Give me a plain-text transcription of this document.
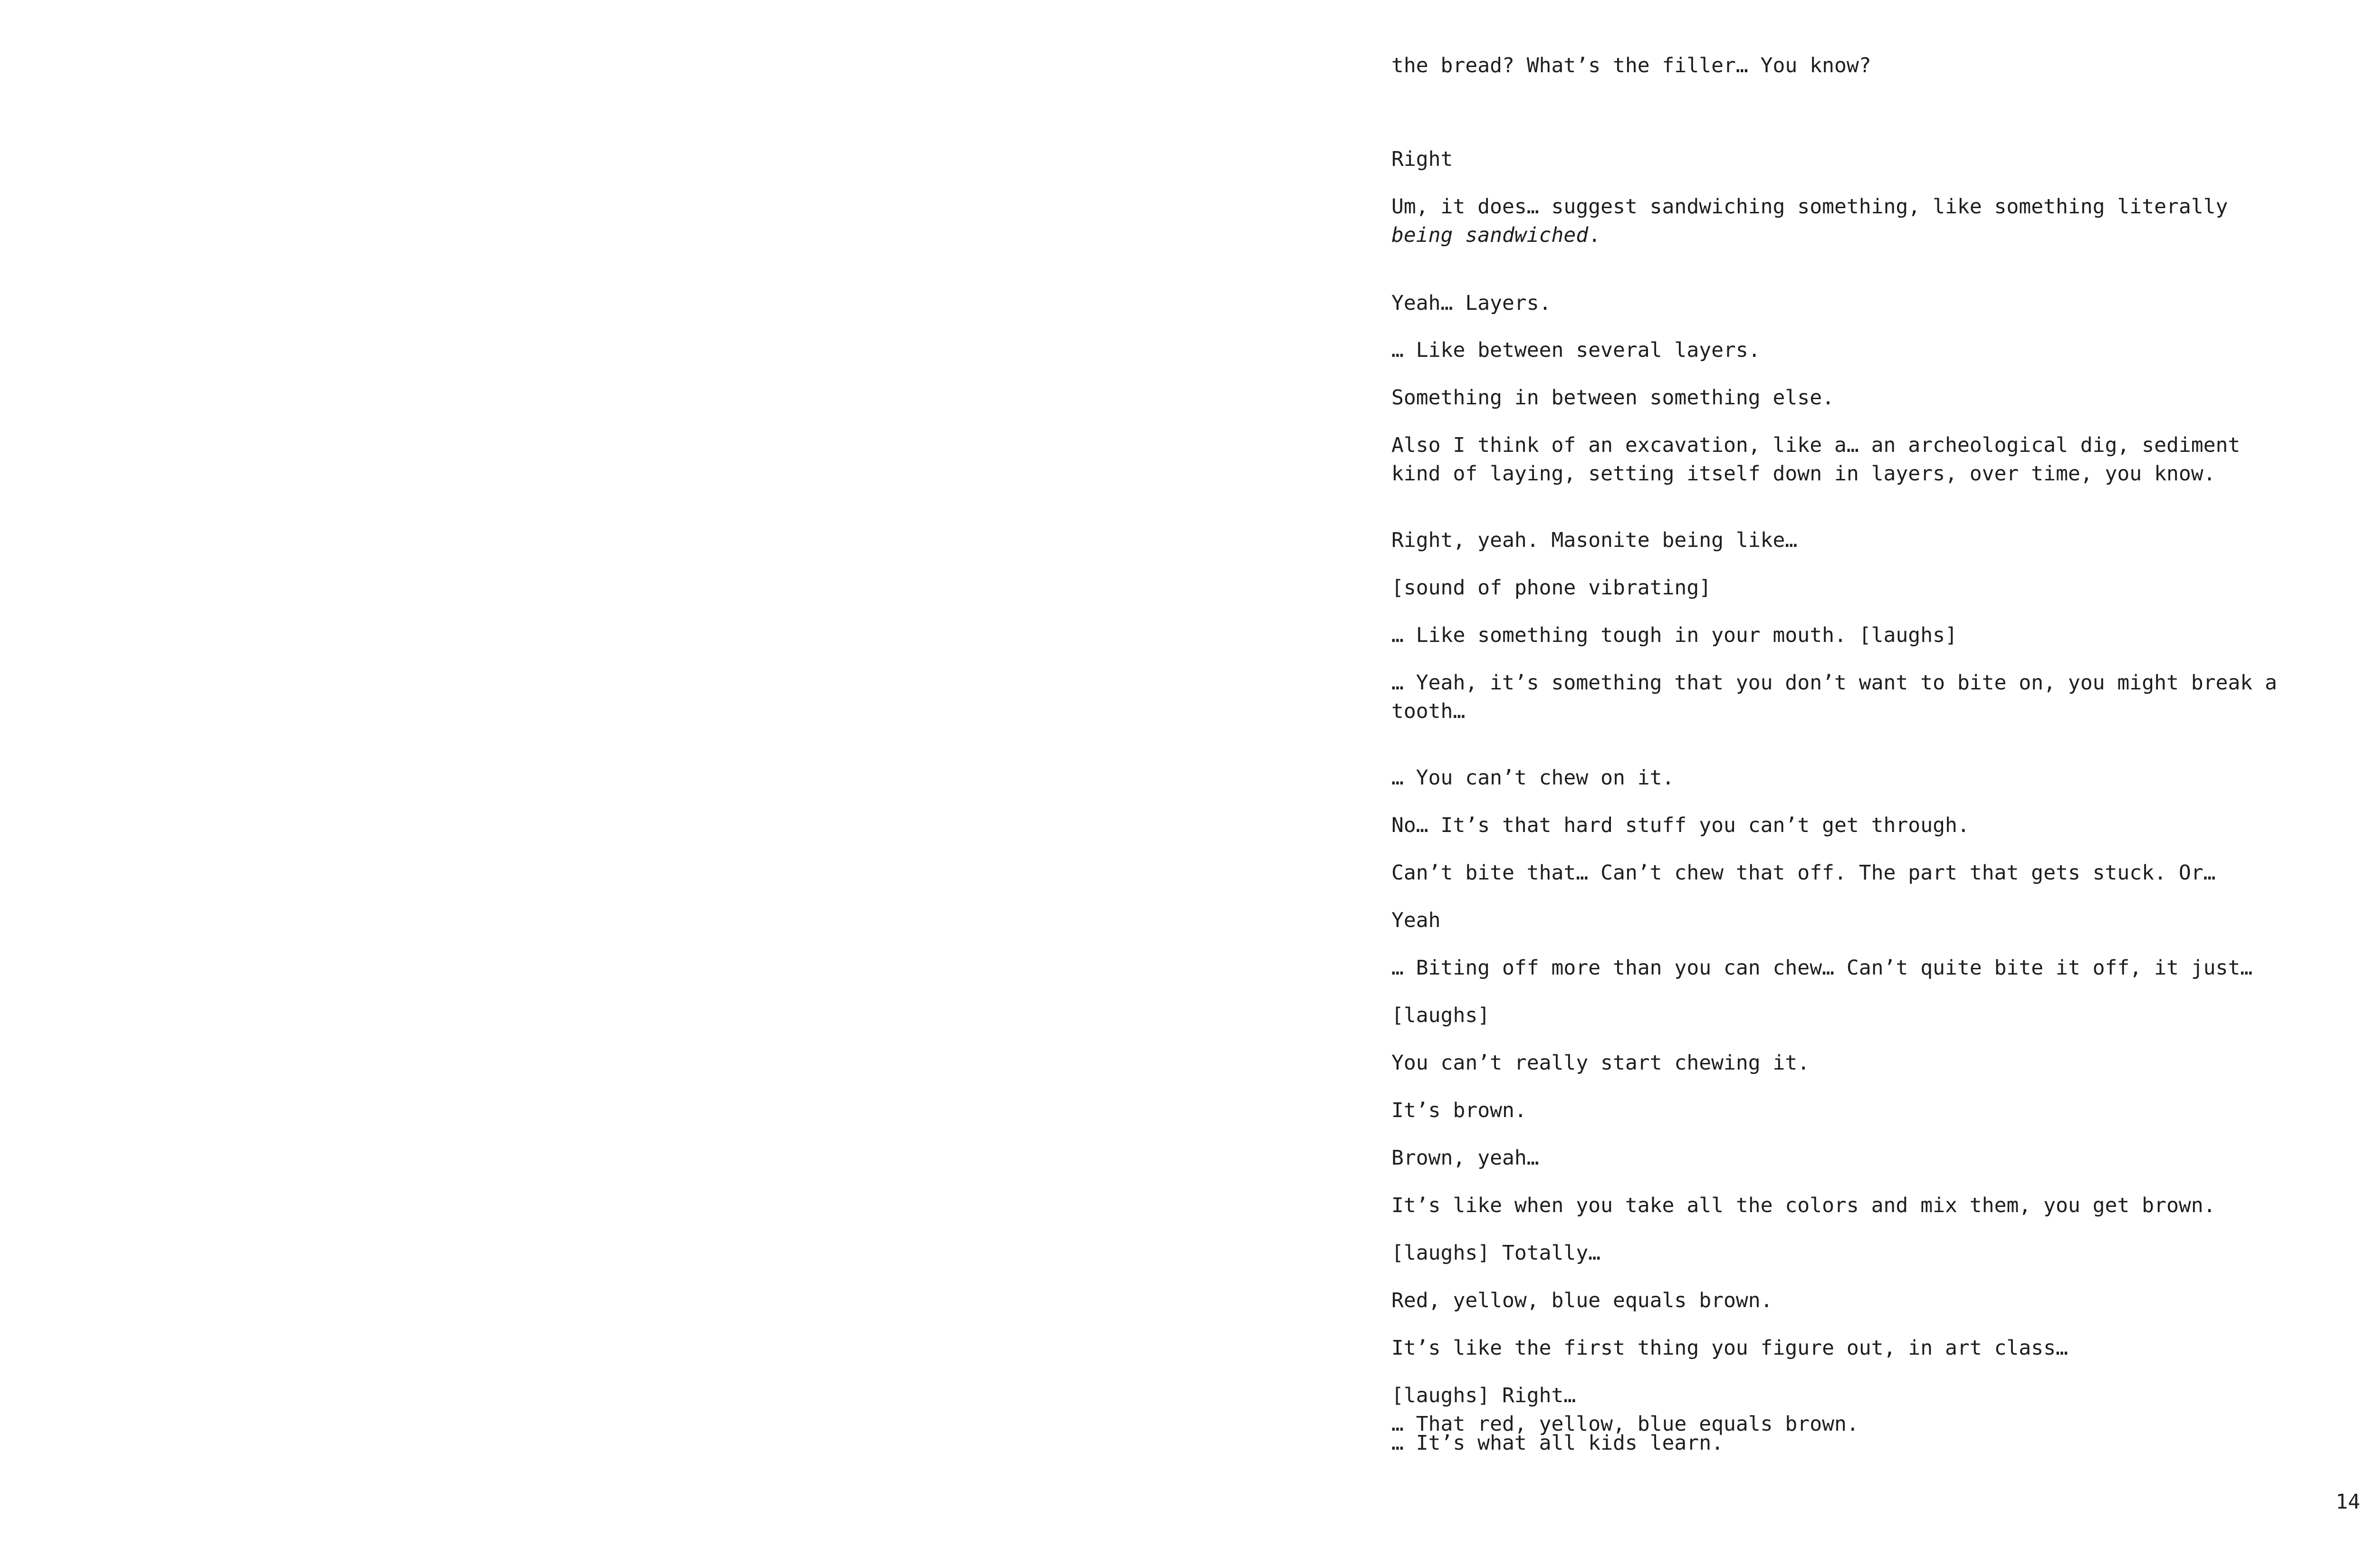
the bread? What’s the filler… You know?
Right
Um, it does… suggest sandwiching something, like something literally being sandwiched.
Yeah… Layers.
… Like between several layers.
Something in between something else.
Also I think of an excavation, like a… an archeological dig, sediment kind of laying, setting itself down in layers, over time, you know.
Right, yeah. Masonite being like…
[sound of phone vibrating]
… Like something tough in your mouth. [laughs]
… Yeah, it’s something that you don’t want to bite on, you might break a tooth…
… You can’t chew on it.
No… It’s that hard stuff you can’t get through.
Can’t bite that… Can’t chew that off. The part that gets stuck. Or…
Yeah
… Biting off more than you can chew… Can’t quite bite it off, it just…
[laughs]
You can’t really start chewing it.
It’s brown.
Brown, yeah…
It’s like when you take all the colors and mix them, you get brown.
[laughs] Totally…
Red, yellow, blue equals brown.
It’s like the first thing you figure out, in art class…
[laughs] Right…
… It’s what all kids learn.
… That red, yellow, blue equals brown.
14
